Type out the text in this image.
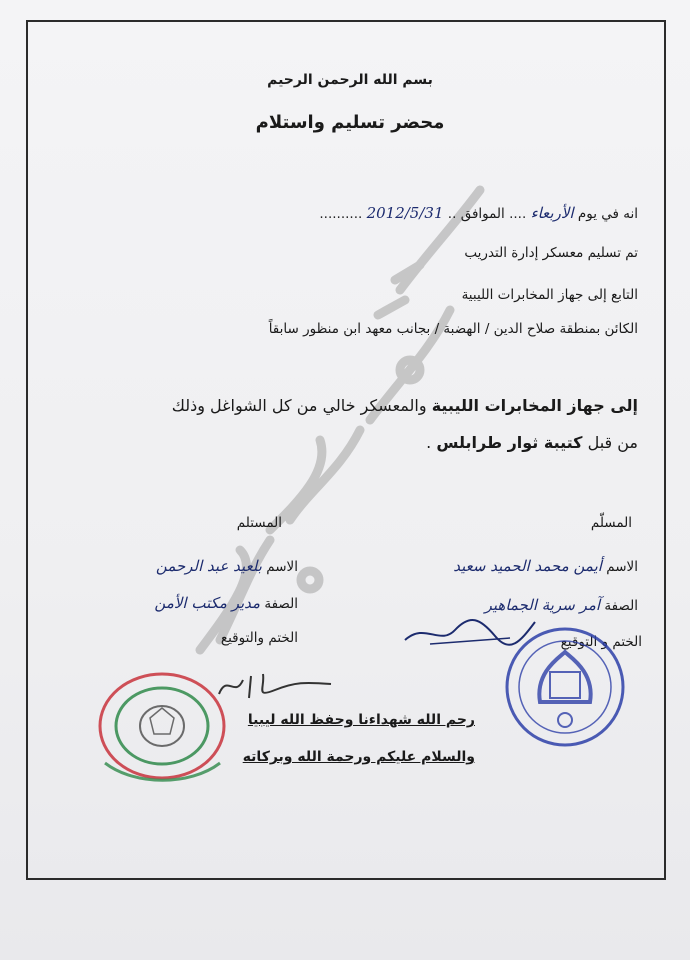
بسم الله الرحمن الرحيم
محضر تسليم واستلام
انه في يوم الأربعاء .... الموافق .. 2012/5/31 ..........
تم تسليم معسكر إدارة التدريب
التابع إلى جهاز المخابرات الليبية
الكائن بمنطقة صلاح الدين / الهضبة / بجانب معهد ابن منظور سابقاً
إلى جهاز المخابرات الليبية والمعسكر خالي من كل الشواغل وذلك
من قبل كتيبة ثوار طرابلس .
المسلّم
الاسم أيمن محمد الحميد سعيد
الصفة آمر سرية الجماهير
الختم و التوقيع
المستلم
الاسم بلعيد عبد الرحمن
الصفة مدير مكتب الأمن
الختم والتوقيع
رحم الله شهداءنا وحفظ الله ليبيا
والسلام عليكم ورحمة الله وبركاته
